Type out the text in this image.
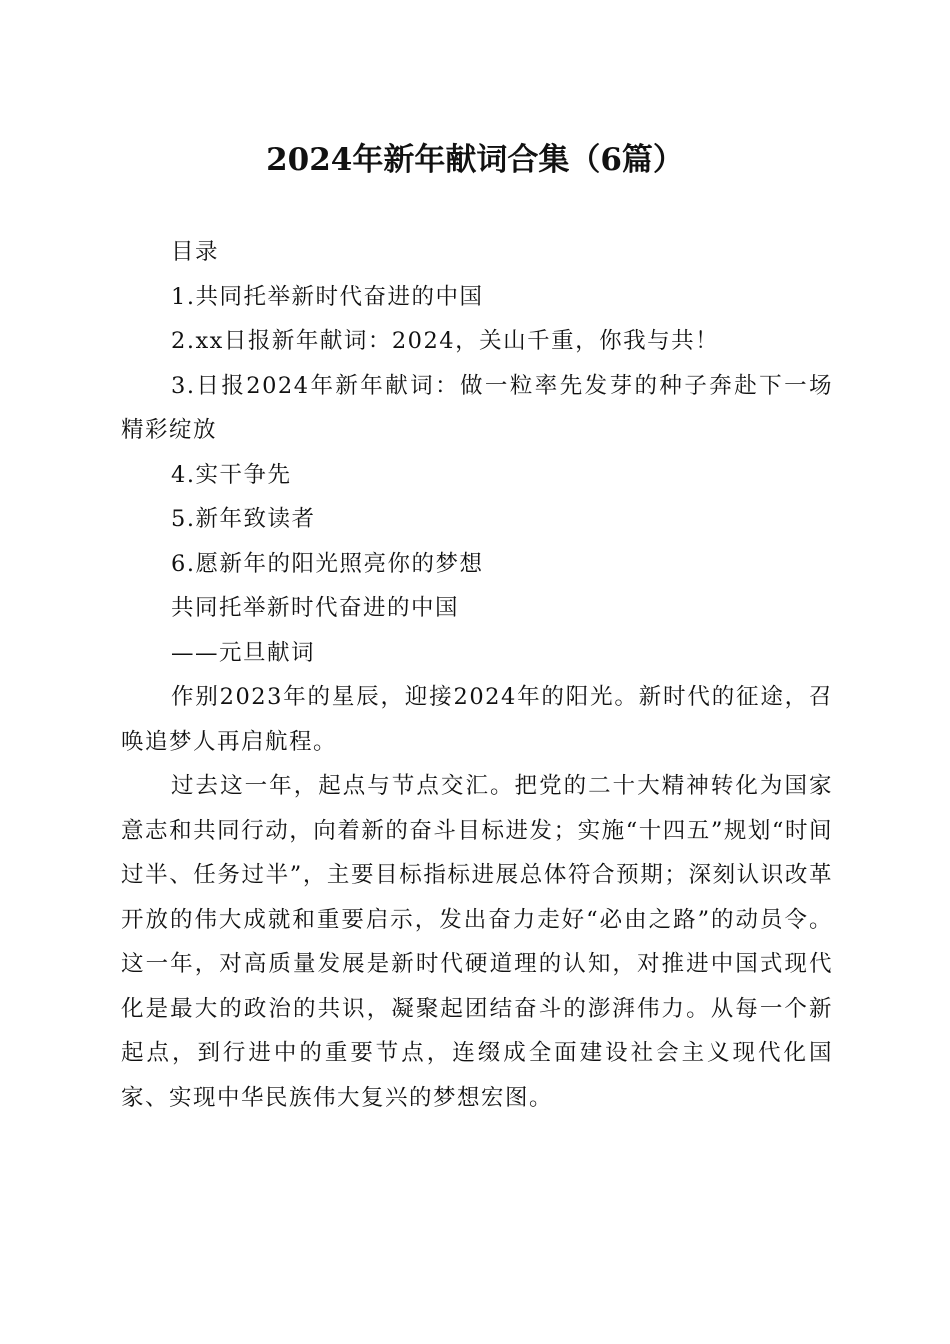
2024年新年献词合集（6篇）

目录

1.共同托举新时代奋进的中国

2.xx日报新年献词：2024，关山千重，你我与共！

3.日报2024年新年献词：做一粒率先发芽的种子奔赴下一场精彩绽放

4.实干争先

5.新年致读者

6.愿新年的阳光照亮你的梦想

共同托举新时代奋进的中国

——元旦献词

作别2023年的星辰，迎接2024年的阳光。新时代的征途，召唤追梦人再启航程。

过去这一年，起点与节点交汇。把党的二十大精神转化为国家意志和共同行动，向着新的奋斗目标进发；实施“十四五”规划“时间过半、任务过半”，主要目标指标进展总体符合预期；深刻认识改革开放的伟大成就和重要启示，发出奋力走好“必由之路”的动员令。这一年，对高质量发展是新时代硬道理的认知，对推进中国式现代化是最大的政治的共识，凝聚起团结奋斗的澎湃伟力。从每一个新起点，到行进中的重要节点，连缀成全面建设社会主义现代化国家、实现中华民族伟大复兴的梦想宏图。
